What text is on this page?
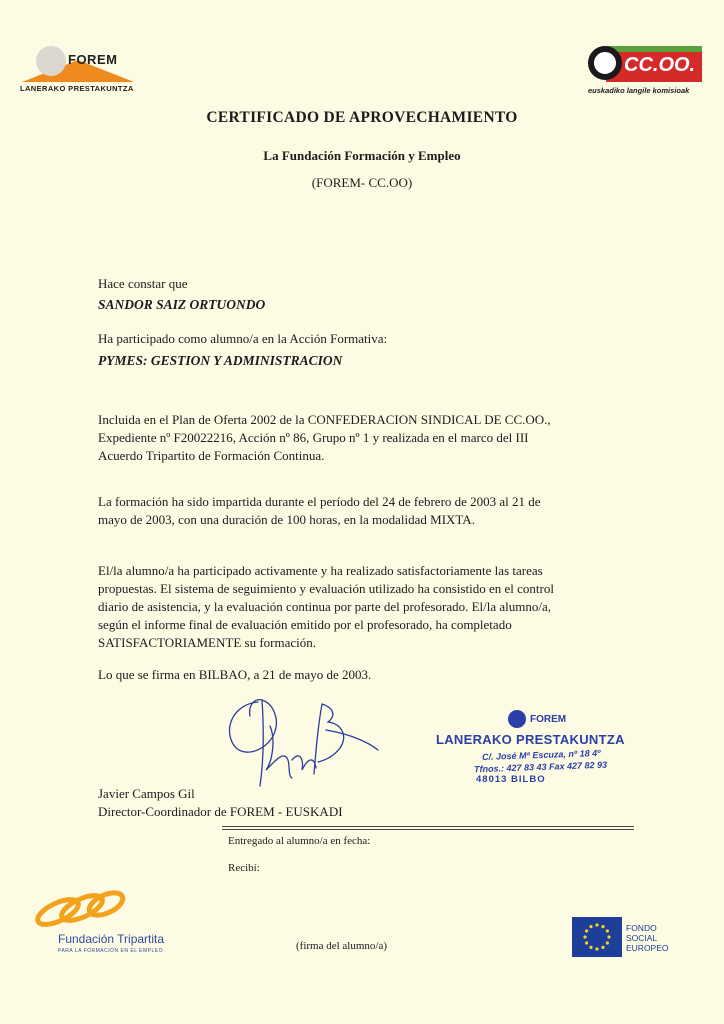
FOREM
LANERAKO PRESTAKUNTZA
CC.OO.
euskadiko langile komisioak
CERTIFICADO DE APROVECHAMIENTO
La Fundación Formación y Empleo
(FOREM- CC.OO)
Hace constar que
SANDOR SAIZ ORTUONDO
Ha participado como alumno/a en la Acción Formativa:
PYMES: GESTION Y ADMINISTRACION
Incluida en el Plan de Oferta 2002 de la CONFEDERACION SINDICAL DE CC.OO.,
Expediente nº F20022216, Acción nº 86, Grupo nº 1 y realizada en el marco del III
Acuerdo Tripartito de Formación Continua.
La formación ha sido impartida durante el período del 24 de febrero de 2003 al 21 de
mayo de 2003, con una duración de 100 horas, en la modalidad MIXTA.
El/la alumno/a ha participado activamente y ha realizado satisfactoriamente las tareas
propuestas. El sistema de seguimiento y evaluación utilizado ha consistido en el control
diario de asistencia, y la evaluación continua por parte del profesorado. El/la alumno/a,
según el informe final de evaluación emitido por el profesorado, ha completado
SATISFACTORIAMENTE su formación.
Lo que se firma en BILBAO, a 21 de mayo de 2003.
FOREM
LANERAKO PRESTAKUNTZA
C/. José Mª Escuza, nº 18 4º
Tfnos.: 427 83 43 Fax 427 82 93
48013 BILBO
Javier Campos Gil
Director-Coordinador de FOREM - EUSKADI
Entregado al alumno/a en fecha:
Recibí:
Fundación Tripartita
PARA LA FORMACIÓN EN EL EMPLEO	(firma del alumno/a)
FONDO
SOCIAL
EUROPEO
